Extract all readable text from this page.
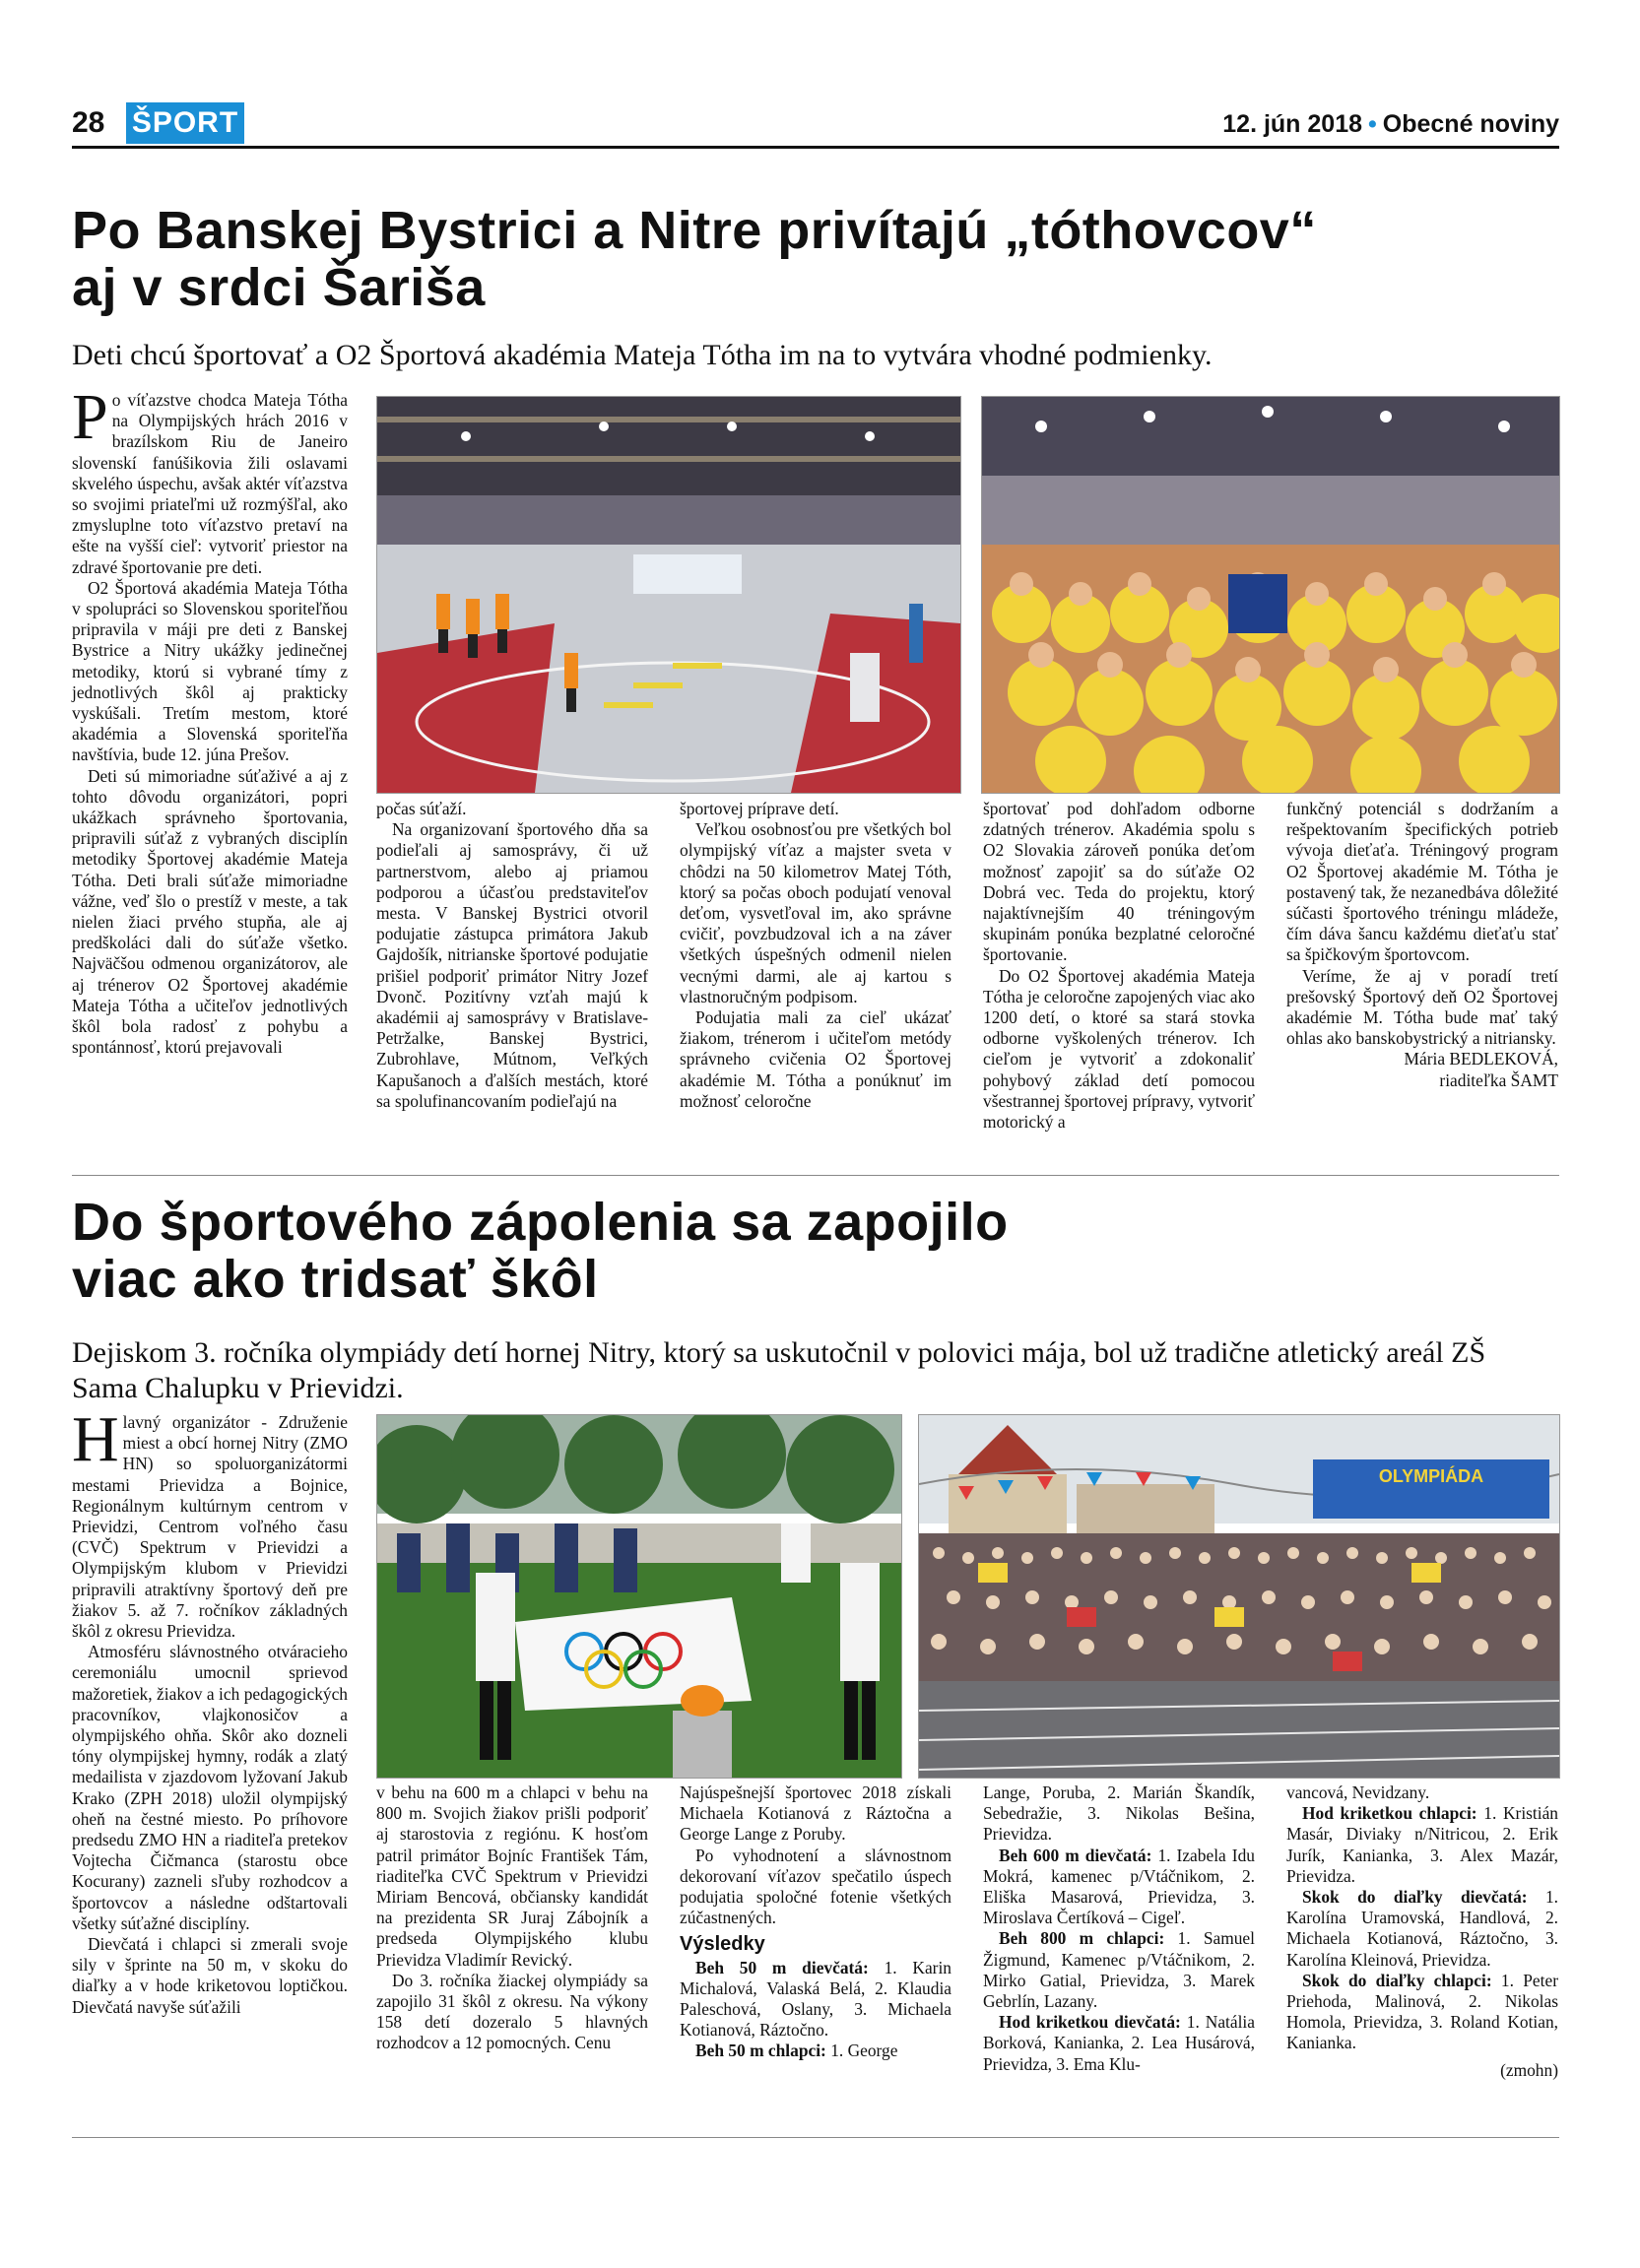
28 ŠPORT	12. jún 2018 • Obecné noviny
Po Banskej Bystrici a Nitre privítajú „tóthovcov“
aj v srdci Šariša
Deti chcú športovať a O2 Športová akadémia Mateja Tótha im na to vytvára vhodné podmienky.

Po víťazstve chodca Mateja Tótha na Olympijských hrách 2016 v brazílskom Riu de Janeiro slovenskí fanúšikovia žili oslavami skvelého úspechu, avšak aktér víťazstva so svojimi priateľmi už rozmýšľal, ako zmysluplne toto víťazstvo pretaví na ešte na vyšší cieľ: vytvoriť priestor na zdravé športovanie pre deti.

O2 Športová akadémia Mateja Tótha v spolupráci so Slovenskou sporiteľňou pripravila v máji pre deti z Banskej Bystrice a Nitry ukážky jedinečnej metodiky, ktorú si vybrané tímy z jednotlivých škôl aj prakticky vyskúšali. Tretím mestom, ktoré akadémia a Slovenská sporiteľňa navštívia, bude 12. júna Prešov.

Deti sú mimoriadne súťaživé a aj z tohto dôvodu organizátori, popri ukážkach správneho športovania, pripravili súťaž z vybraných disciplín metodiky Športovej akadémie Mateja Tótha. Deti brali súťaže mimoriadne vážne, veď šlo o prestíž v meste, a tak nielen žiaci prvého stupňa, ale aj predškoláci dali do súťaže všetko. Najväčšou odmenou organizátorov, ale aj trénerov O2 Športovej akadémie Mateja Tótha a učiteľov jednotlivých škôl bola radosť z pohybu a spontánnosť, ktorú prejavovali

počas súťaží.

Na organizovaní športového dňa sa podieľali aj samosprávy, či už partnerstvom, alebo aj priamou podporou a účasťou predstaviteľov mesta. V Banskej Bystrici otvoril podujatie zástupca primátora Jakub Gajdošík, nitrianske športové podujatie prišiel podporiť primátor Nitry Jozef Dvonč. Pozitívny vzťah majú k akadémii aj samosprávy v Bratislave-Petržalke, Banskej Bystrici, Zubrohlave, Mútnom, Veľkých Kapušanoch a ďalších mestách, ktoré sa spolufinancovaním podieľajú na

športovej príprave detí.

Veľkou osobnosťou pre všetkých bol olympijský víťaz a majster sveta v chôdzi na 50 kilometrov Matej Tóth, ktorý sa počas oboch podujatí venoval deťom, vysvetľoval im, ako správne cvičiť, povzbudzoval ich a na záver všetkých úspešných odmenil nielen vecnými darmi, ale aj kartou s vlastnoručným podpisom.

Podujatia mali za cieľ ukázať žiakom, trénerom i učiteľom metódy správneho cvičenia O2 Športovej akadémie M. Tótha a ponúknuť im možnosť celoročne

športovať pod dohľadom odborne zdatných trénerov. Akadémia spolu s O2 Slovakia zároveň ponúka deťom možnosť zapojiť sa do súťaže O2 Dobrá vec. Teda do projektu, ktorý najaktívnejším 40 tréningovým skupinám ponúka bezplatné celoročné športovanie.

Do O2 Športovej akadémia Mateja Tótha je celoročne zapojených viac ako 1200 detí, o ktoré sa stará stovka odborne vyškolených trénerov. Ich cieľom je vytvoriť a zdokonaliť pohybový základ detí pomocou všestrannej športovej prípravy, vytvoriť motorický a

funkčný potenciál s dodržaním a rešpektovaním špecifických potrieb vývoja dieťaťa. Tréningový program O2 Športovej akadémie M. Tótha je postavený tak, že nezanedbáva dôležité súčasti športového tréningu mládeže, čím dáva šancu každému dieťaťu stať sa špičkovým športovcom.

Veríme, že aj v poradí tretí prešovský Športový deň O2 Športovej akadémie M. Tótha bude mať taký ohlas ako banskobystrický a nitriansky.

Mária BEDLEKOVÁ,
riaditeľka ŠAMT
Do športového zápolenia sa zapojilo
viac ako tridsať škôl
Dejiskom 3. ročníka olympiády detí hornej Nitry, ktorý sa uskutočnil v polovici mája, bol už tradične atletický areál ZŠ
Sama Chalupku v Prievidzi.

Hlavný organizátor - Združenie miest a obcí hornej Nitry (ZMO HN) so spoluorganizátormi mestami Prievidza a Bojnice, Regionálnym kultúrnym centrom v Prievidzi, Centrom voľného času (CVČ) Spektrum v Prievidzi a Olympijským klubom v Prievidzi pripravili atraktívny športový deň pre žiakov 5. až 7. ročníkov základných škôl z okresu Prievidza.

Atmosféru slávnostného otváracieho ceremoniálu umocnil sprievod mažoretiek, žiakov a ich pedagogických pracovníkov, vlajkonosičov a olympijského ohňa. Skôr ako dozneli tóny olympijskej hymny, rodák a zlatý medailista v zjazdovom lyžovaní Jakub Krako (ZPH 2018) uložil olympijský oheň na čestné miesto. Po príhovore predsedu ZMO HN a riaditeľa pretekov Vojtecha Čičmanca (starostu obce Kocurany) zazneli sľuby rozhodcov a športovcov a následne odštartovali všetky súťažné disciplíny.

Dievčatá i chlapci si zmerali svoje sily v šprinte na 50 m, v skoku do diaľky a v hode kriketovou loptičkou. Dievčatá navyše súťažili

OLYMPIÁDA

v behu na 600 m a chlapci v behu na 800 m. Svojich žiakov prišli podporiť aj starostovia z regiónu. K hosťom patril primátor Bojníc František Tám, riaditeľka CVČ Spektrum v Prievidzi Miriam Bencová, občiansky kandidát na prezidenta SR Juraj Zábojník a predseda Olympijského klubu Prievidza Vladimír Revický.

Do 3. ročníka žiackej olympiády sa zapojilo 31 škôl z okresu. Na výkony 158 detí dozeralo 5 hlavných rozhodcov a 12 pomocných. Cenu

Najúspešnejší športovec 2018 získali Michaela Kotianová z Ráztočna a George Lange z Poruby.

Po vyhodnotení a slávnostnom dekorovaní víťazov spečatilo úspech podujatia spoločné fotenie všetkých zúčastnených.

Výsledky

Beh 50 m dievčatá: 1. Karin Michalová, Valaská Belá, 2. Klaudia Paleschová, Oslany, 3. Michaela Kotianová, Ráztočno.

Beh 50 m chlapci: 1. George

Lange, Poruba, 2. Marián Škandík, Sebedražie, 3. Nikolas Bešina, Prievidza.

Beh 600 m dievčatá: 1. Izabela Idu Mokrá, kamenec p/Vtáčnikom, 2. Eliška Masarová, Prievidza, 3. Miroslava Čertíková – Cigeľ.

Beh 800 m chlapci: 1. Samuel Žigmund, Kamenec p/Vtáčnikom, 2. Mirko Gatial, Prievidza, 3. Marek Gebrlín, Lazany.

Hod kriketkou dievčatá: 1. Natália Borková, Kanianka, 2. Lea Husárová, Prievidza, 3. Ema Klu-

vancová, Nevidzany.

Hod kriketkou chlapci: 1. Kristián Masár, Diviaky n/Nitricou, 2. Erik Jurík, Kanianka, 3. Alex Mazár, Prievidza.

Skok do diaľky dievčatá: 1. Karolína Uramovská, Handlová, 2. Michaela Kotianová, Ráztočno, 3. Karolína Kleinová, Prievidza.

Skok do diaľky chlapci: 1. Peter Priehoda, Malinová, 2. Nikolas Homola, Prievidza, 3. Roland Kotian, Kanianka.

(zmohn)
